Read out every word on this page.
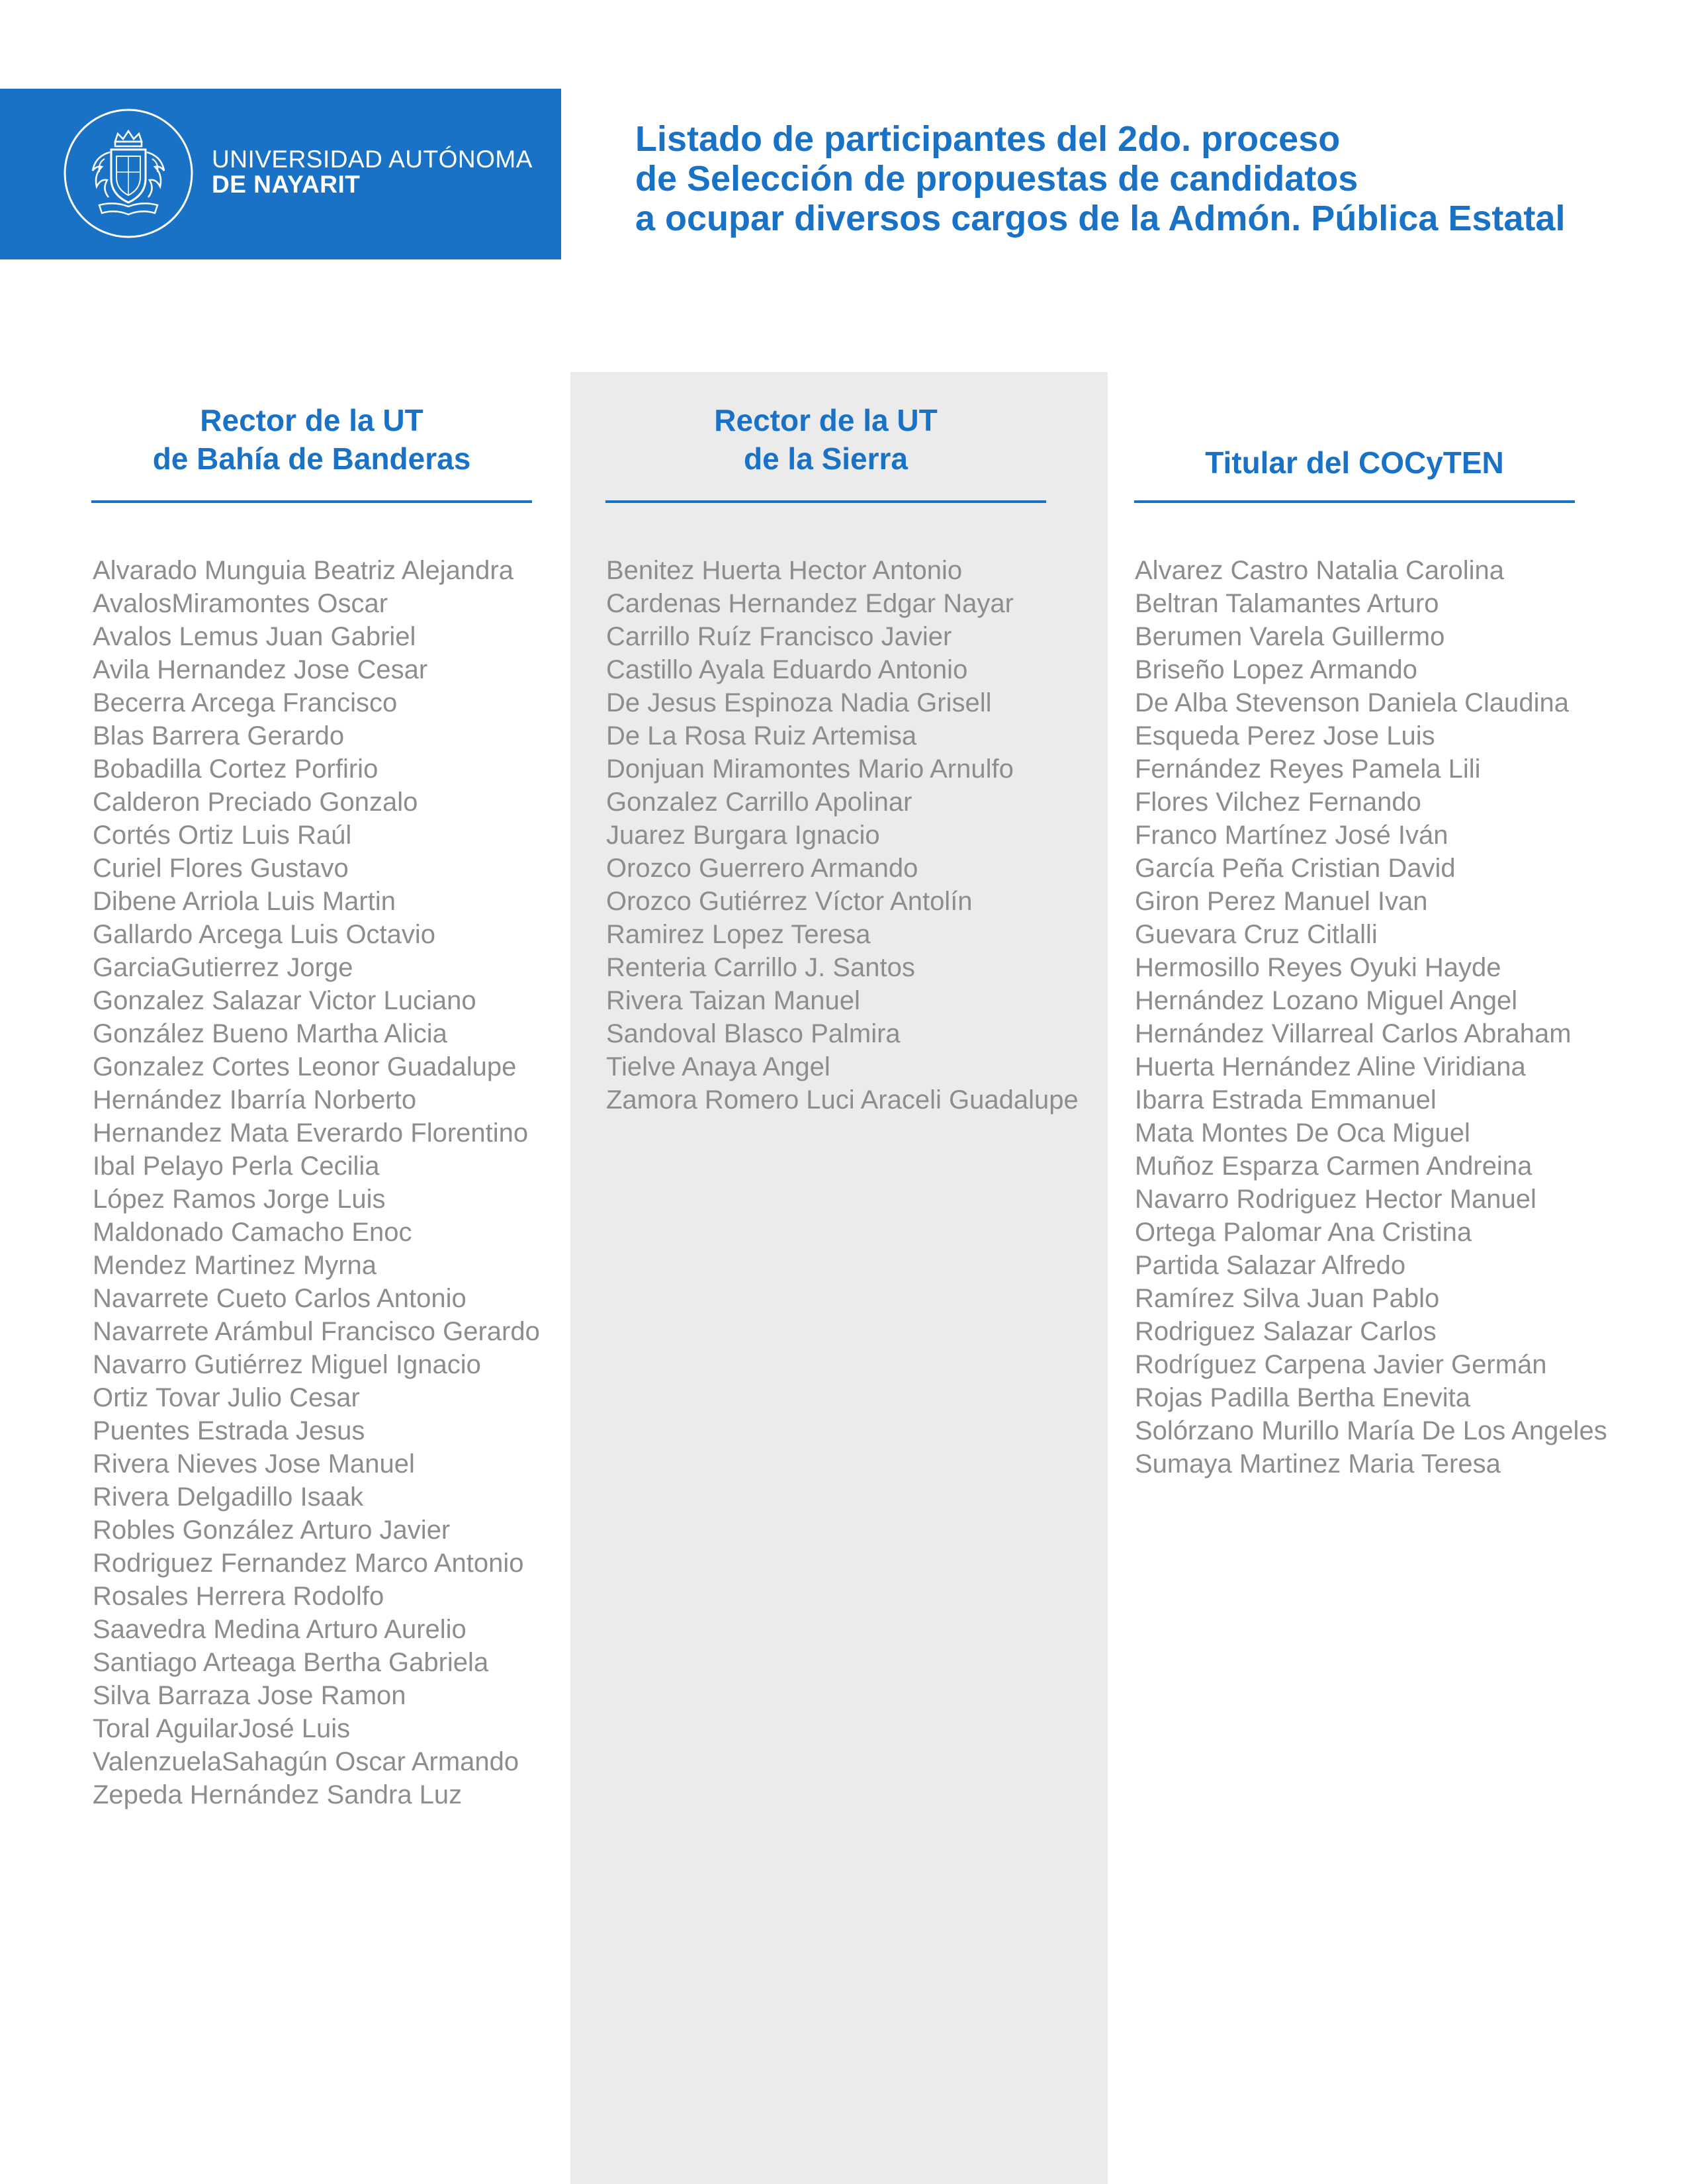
UNIVERSIDAD AUTÓNOMA
DE NAYARIT
Listado de participantes del 2do. proceso
de Selección de propuestas de candidatos
a ocupar diversos cargos de la Admón. Pública Estatal
Rector de la UT
de Bahía de Banderas
Alvarado Munguia Beatriz Alejandra
AvalosMiramontes Oscar
Avalos Lemus Juan Gabriel
Avila Hernandez Jose Cesar
Becerra Arcega Francisco
Blas Barrera Gerardo
Bobadilla Cortez Porfirio
Calderon Preciado Gonzalo
Cortés Ortiz Luis Raúl
Curiel Flores Gustavo
Dibene Arriola Luis Martin
Gallardo Arcega Luis Octavio
GarciaGutierrez Jorge
Gonzalez Salazar Victor Luciano
González Bueno Martha Alicia
Gonzalez Cortes Leonor Guadalupe
Hernández Ibarría Norberto
Hernandez Mata Everardo Florentino
Ibal Pelayo Perla Cecilia
López Ramos Jorge Luis
Maldonado Camacho Enoc
Mendez Martinez Myrna
Navarrete Cueto Carlos Antonio
Navarrete Arámbul Francisco Gerardo
Navarro Gutiérrez Miguel Ignacio
Ortiz Tovar Julio Cesar
Puentes Estrada Jesus
Rivera Nieves Jose Manuel
Rivera Delgadillo Isaak
Robles González Arturo Javier
Rodriguez Fernandez Marco Antonio
Rosales Herrera Rodolfo
Saavedra Medina Arturo Aurelio
Santiago Arteaga Bertha Gabriela
Silva Barraza Jose Ramon
Toral AguilarJosé Luis
ValenzuelaSahagún Oscar Armando
Zepeda Hernández Sandra Luz
Rector de la UT
de la Sierra
Benitez Huerta Hector Antonio
Cardenas Hernandez Edgar Nayar
Carrillo Ruíz Francisco Javier
Castillo Ayala Eduardo Antonio
De Jesus Espinoza Nadia Grisell
De La Rosa Ruiz Artemisa
Donjuan Miramontes Mario Arnulfo
Gonzalez Carrillo Apolinar
Juarez Burgara Ignacio
Orozco Guerrero Armando
Orozco Gutiérrez Víctor Antolín
Ramirez Lopez Teresa
Renteria Carrillo J. Santos
Rivera Taizan Manuel
Sandoval Blasco Palmira
Tielve Anaya Angel
Zamora Romero Luci Araceli Guadalupe
Titular del COCyTEN
Alvarez Castro Natalia Carolina
Beltran Talamantes Arturo
Berumen Varela Guillermo
Briseño Lopez Armando
De Alba Stevenson Daniela Claudina
Esqueda Perez Jose Luis
Fernández Reyes Pamela Lili
Flores Vilchez Fernando
Franco Martínez José Iván
García Peña Cristian David
Giron Perez Manuel Ivan
Guevara Cruz Citlalli
Hermosillo Reyes Oyuki Hayde
Hernández Lozano Miguel Angel
Hernández Villarreal Carlos Abraham
Huerta Hernández Aline Viridiana
Ibarra Estrada Emmanuel
Mata Montes De Oca Miguel
Muñoz Esparza Carmen Andreina
Navarro Rodriguez Hector Manuel
Ortega Palomar Ana Cristina
Partida Salazar Alfredo
Ramírez Silva Juan Pablo
Rodriguez Salazar Carlos
Rodríguez Carpena Javier Germán
Rojas Padilla Bertha Enevita
Solórzano Murillo María De Los Angeles
Sumaya Martinez Maria Teresa
